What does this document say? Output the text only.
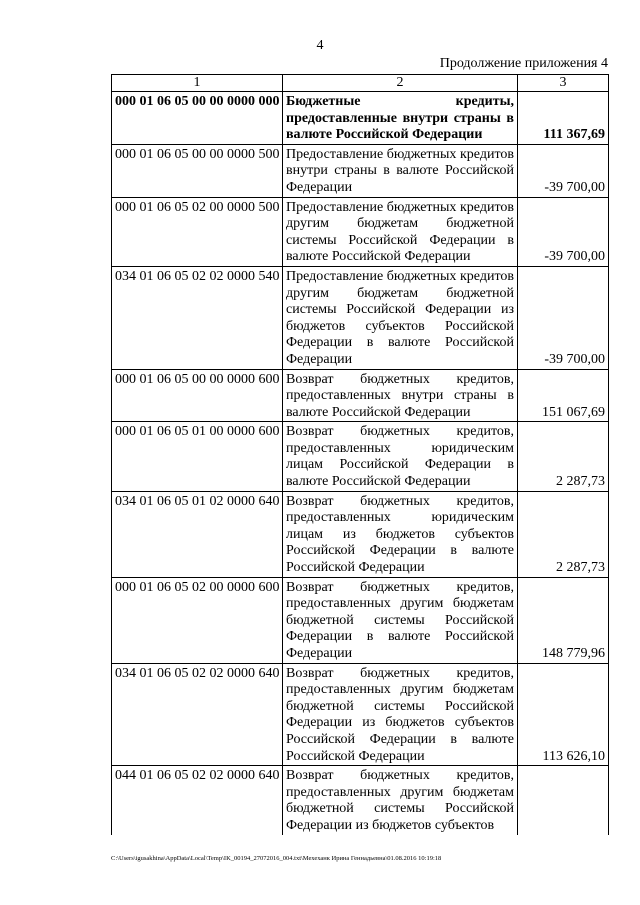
4
Продолжение приложения 4
1	2	3
000 01 06 05 00 00 0000 000	Бюджетные кредиты, предоставленные внутри страны в валюте Российской Федерации	111 367,69
000 01 06 05 00 00 0000 500	Предоставление бюджетных кредитов внутри страны в валюте Российской Федерации	-39 700,00
000 01 06 05 02 00 0000 500	Предоставление бюджетных кредитов другим бюджетам бюджетной системы Российской Федерации в валюте Российской Федерации	-39 700,00
034 01 06 05 02 02 0000 540	Предоставление бюджетных кредитов другим бюджетам бюджетной системы Российской Федерации из бюджетов субъектов Российской Федерации в валюте Российской Федерации	-39 700,00
000 01 06 05 00 00 0000 600	Возврат бюджетных кредитов, предоставленных внутри страны в валюте Российской Федерации	151 067,69
000 01 06 05 01 00 0000 600	Возврат бюджетных кредитов, предоставленных юридическим лицам Российской Федерации в валюте Российской Федерации	2 287,73
034 01 06 05 01 02 0000 640	Возврат бюджетных кредитов, предоставленных юридическим лицам из бюджетов субъектов Российской Федерации в валюте Российской Федерации	2 287,73
000 01 06 05 02 00 0000 600	Возврат бюджетных кредитов, предоставленных другим бюджетам бюджетной системы Российской Федерации в валюте Российской Федерации	148 779,96
034 01 06 05 02 02 0000 640	Возврат бюджетных кредитов, предоставленных другим бюджетам бюджетной системы Российской Федерации из бюджетов субъектов Российской Федерации в валюте Российской Федерации	113 626,10
044 01 06 05 02 02 0000 640	Возврат бюджетных кредитов, предоставленных другим бюджетам бюджетной системы Российской Федерации из бюджетов субъектов	
C:\Users\igusakhina\AppData\Local\Temp\IK_00194_27072016_004.txt\Мехеханк Ирина Геннадьевна\01.08.2016 10:19:18
